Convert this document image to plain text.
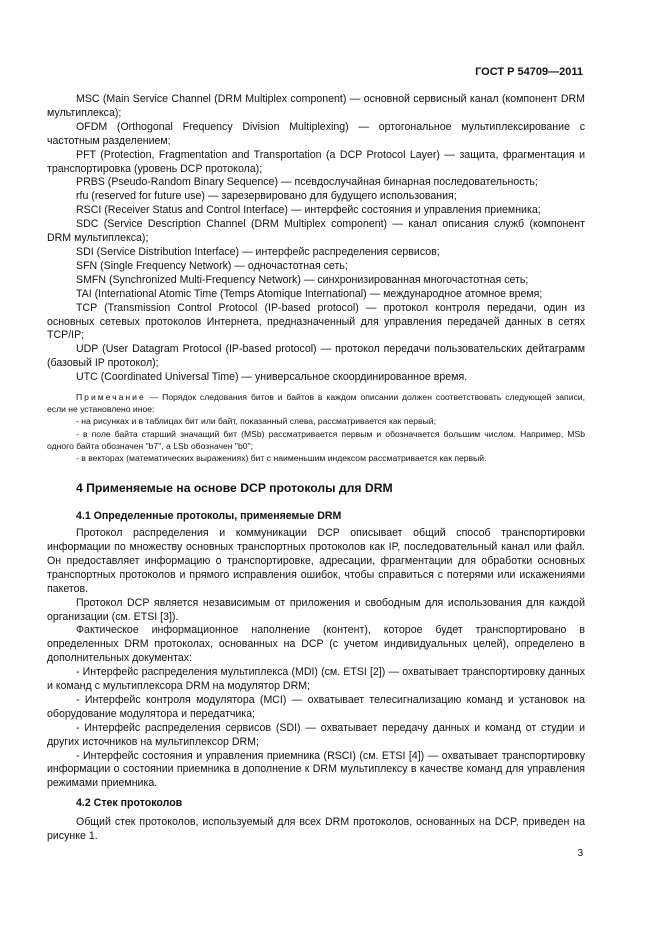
ГОСТ Р 54709—2011

MSC (Main Service Channel (DRM Multiplex component) — основной сервисный канал (компонент DRM мультиплекса);

OFDM (Orthogonal Frequency Division Multiplexing) — ортогональное мультиплексирование с частотным разделением;

PFT (Protection, Fragmentation and Transportation (a DCP Protocol Layer) — защита, фрагментация и транспортировка (уровень DCP протокола);

PRBS (Pseudo-Random Binary Sequence) — псевдослучайная бинарная последовательность;

rfu (reserved for future use) — зарезервировано для будущего использования;

RSCI (Receiver Status and Control Interface) — интерфейс состояния и управления приемника;

SDC (Service Description Channel (DRM Multiplex component) — канал описания служб (компонент DRM мультиплекса);

SDI (Service Distribution Interface) — интерфейс распределения сервисов;

SFN (Single Frequency Network) — одночастотная сеть;

SMFN (Synchronized Multi-Frequency Network) — синхронизированная многочастотная сеть;

TAI (International Atomic Time (Temps Atomique International) — международное атомное время;

TCP (Transmission Control Protocol (IP-based protocol) — протокол контроля передачи, один из основных сетевых протоколов Интернета, предназначенный для управления передачей данных в сетях TCP/IP;

UDP (User Datagram Protocol (IP-based protocol) — протокол передачи пользовательских дейтаграмм (базовый IP протокол);

UTC (Coordinated Universal Time) — универсальное скоординированное время.

Примечание — Порядок следования битов и байтов в каждом описании должен соответствовать следующей записи, если не установлено иное:

- на рисунках и в таблицах бит или байт, показанный слева, рассматривается как первый;

- в поле байта старший значащий бит (MSb) рассматривается первым и обозначается большим числом. Например, MSb одного байта обозначен "b7", а LSb обозначен "b0";

- в векторах (математических выражениях) бит с наименьшим индексом рассматривается как первый.

4 Применяемые на основе DCP протоколы для DRM
4.1 Определенные протоколы, применяемые DRM

Протокол распределения и коммуникации DCP описывает общий способ транспортировки информации по множеству основных транспортных протоколов как IP, последовательный канал или файл. Он предоставляет информацию о транспортировке, адресации, фрагментации для обработки основных транспортных протоколов и прямого исправления ошибок, чтобы справиться с потерями или искажениями пакетов.

Протокол DCP является независимым от приложения и свободным для использования для каждой организации (см. ETSI [3]).

Фактическое информационное наполнение (контент), которое будет транспортировано в определенных DRM протоколах, основанных на DCP (с учетом индивидуальных целей), определено в дополнительных документах:

- Интерфейс распределения мультиплекса (MDI) (см. ETSI [2]) — охватывает транспортировку данных и команд с мультиплексора DRM на модулятор DRM;

- Интерфейс контроля модулятора (MCI) — охватывает телесигнализацию команд и установок на оборудование модулятора и передатчика;

- Интерфейс распределения сервисов (SDI) — охватывает передачу данных и команд от студии и других источников на мультиплексор DRM;

- Интерфейс состояния и управления приемника (RSCI) (см. ETSI [4]) — охватывает транспортировку информации о состоянии приемника в дополнение к DRM мультиплексу в качестве команд для управления режимами приемника.

4.2 Стек протоколов

Общий стек протоколов, используемый для всех DRM протоколов, основанных на DCP, приведен на рисунке 1.

3
